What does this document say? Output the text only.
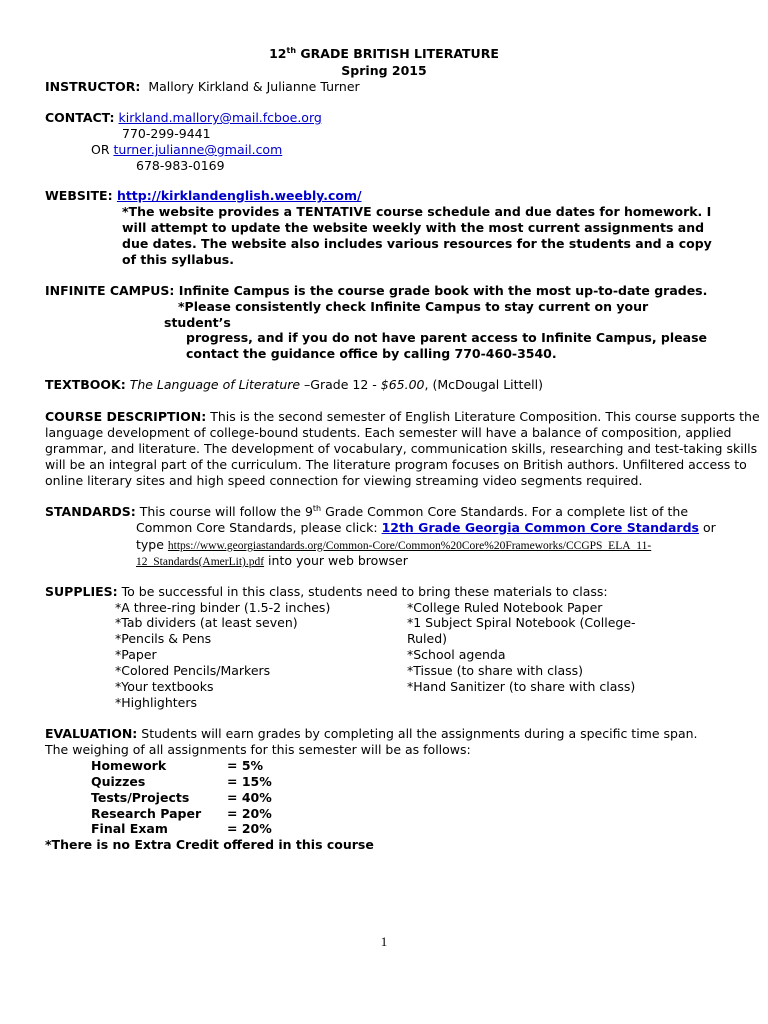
12th GRADE BRITISH LITERATURE
Spring 2015
INSTRUCTOR: Mallory Kirkland & Julianne Turner
CONTACT: kirkland.mallory@mail.fcboe.org
770-299-9441
OR turner.julianne@gmail.com
678-983-0169
WEBSITE: http://kirklandenglish.weebly.com/
*The website provides a TENTATIVE course schedule and due dates for homework. I
will attempt to update the website weekly with the most current assignments and
due dates. The website also includes various resources for the students and a copy
of this syllabus.
INFINITE CAMPUS: Infinite Campus is the course grade book with the most up-to-date grades.
*Please consistently check Infinite Campus to stay current on your
student’s
progress, and if you do not have parent access to Infinite Campus, please
contact the guidance office by calling 770-460-3540.
TEXTBOOK: The Language of Literature –Grade 12 - $65.00, (McDougal Littell)
COURSE DESCRIPTION: This is the second semester of English Literature Composition. This course supports the
language development of college-bound students. Each semester will have a balance of composition, applied
grammar, and literature. The development of vocabulary, communication skills, researching and test-taking skills
will be an integral part of the curriculum. The literature program focuses on British authors. Unfiltered access to
online literary sites and high speed connection for viewing streaming video segments required.
STANDARDS: This course will follow the 9th Grade Common Core Standards. For a complete list of the
Common Core Standards, please click: 12th Grade Georgia Common Core Standards or
type https://www.georgiastandards.org/Common-Core/Common%20Core%20Frameworks/CCGPS_ELA_11-
12_Standards(AmerLit).pdf into your web browser
SUPPLIES: To be successful in this class, students need to bring these materials to class:
*A three-ring binder (1.5-2 inches)
*Tab dividers (at least seven)
*Pencils & Pens
*Paper
*Colored Pencils/Markers
*Your textbooks
*Highlighters
*College Ruled Notebook Paper
*1 Subject Spiral Notebook (College-
Ruled)
*School agenda
*Tissue (to share with class)
*Hand Sanitizer (to share with class)
EVALUATION: Students will earn grades by completing all the assignments during a specific time span.
The weighing of all assignments for this semester will be as follows:
Homework	= 5%
Quizzes	= 15%
Tests/Projects	= 40%
Research Paper = 20%
Final Exam	= 20%
*There is no Extra Credit offered in this course
1
